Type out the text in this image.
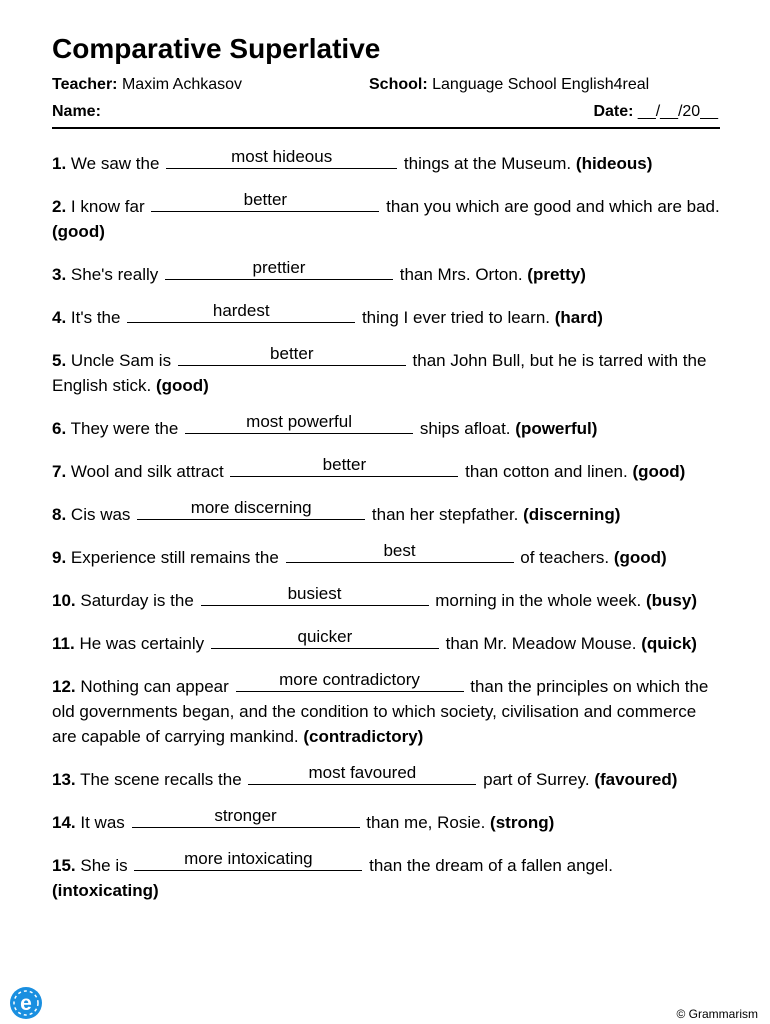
Comparative Superlative
Teacher: Maxim Achkasov	School: Language School English4real
Name:	Date: __/__/20__
1. We saw the	most hideous	things at the Museum. (hideous)
2. I know far	better	than you which are good and which are bad. (good)
3. She's really	prettier	than Mrs. Orton. (pretty)
4. It's the	hardest	thing I ever tried to learn. (hard)
5. Uncle Sam is	better	than John Bull, but he is tarred with the English stick. (good)
6. They were the	most powerful	ships afloat. (powerful)
7. Wool and silk attract	better	than cotton and linen. (good)
8. Cis was	more discerning	than her stepfather. (discerning)
9. Experience still remains the	best	of teachers. (good)
10. Saturday is the	busiest	morning in the whole week. (busy)
11. He was certainly	quicker	than Mr. Meadow Mouse. (quick)
12. Nothing can appear	more contradictory	than the principles on which the old governments began, and the condition to which society, civilisation and commerce are capable of carrying mankind. (contradictory)
13. The scene recalls the	most favoured	part of Surrey. (favoured)
14. It was	stronger	than me, Rosie. (strong)
15. She is	more intoxicating	than the dream of a fallen angel. (intoxicating)
e	© Grammarism
